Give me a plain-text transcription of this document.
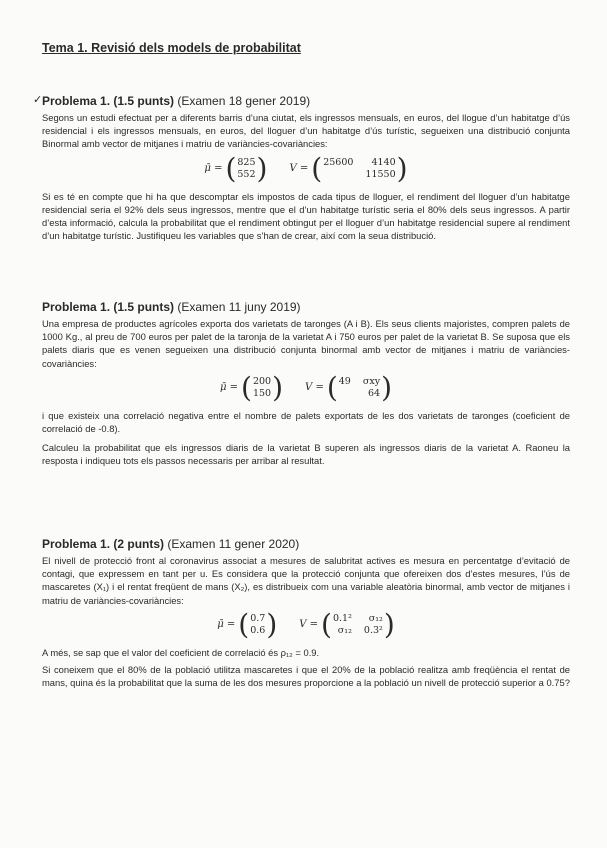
Tema 1. Revisió dels models de probabilitat
✓ Problema 1. (1.5 punts) (Examen 18 gener 2019)

Segons un estudi efectuat per a diferents barris d’una ciutat, els ingressos mensuals, en euros, del llogue d’un habitatge d’ús residencial i els ingressos mensuals, en euros, del lloguer d’un habitatge d’ús turístic, segueixen una distribució conjunta Binormal amb vector de mitjanes i matriu de variàncies-covariàncies:

μ̄ = ( 825
552 ) V = ( 25600	4140
11550 )

Si es té en compte que hi ha que descomptar els impostos de cada tipus de lloguer, el rendiment del lloguer d’un habitatge residencial seria el 92% dels seus ingressos, mentre que el d’un habitatge turístic seria el 80% dels seus ingressos. A partir d’esta informació, calcula la probabilitat que el rendiment obtingut per el lloguer d’un habitatge residencial supere al rendiment d’un habitatge turístic. Justifiqueu les variables que s’han de crear, així com la seua distribució.

Problema 1. (1.5 punts) (Examen 11 juny 2019)

Una empresa de productes agrícoles exporta dos varietats de taronges (A i B). Els seus clients majoristes, compren palets de 1000 Kg., al preu de 700 euros per palet de la taronja de la varietat A i 750 euros per palet de la varietat B. Se suposa que els palets diaris que es venen segueixen una distribució conjunta binormal amb vector de mitjanes i matriu de variàncies-covariàncies:

μ̄ = ( 200
150 ) V = ( 49 σxy
64 )

i que existeix una correlació negativa entre el nombre de palets exportats de les dos varietats de taronges (coeficient de correlació de -0.8).

Calculeu la probabilitat que els ingressos diaris de la varietat B superen als ingressos diaris de la varietat A. Raoneu la resposta i indiqueu tots els passos necessaris per arribar al resultat.

Problema 1. (2 punts) (Examen 11 gener 2020)

El nivell de protecció front al coronavirus associat a mesures de salubritat actives es mesura en percentatge d’evitació de contagi, que expressem en tant per u. Es considera que la protecció conjunta que ofereixen dos d’estes mesures, l’ús de mascaretes (X₁) i el rentat freqüent de mans (X₂), es distribueix com una variable aleatòria binormal, amb vector de mitjanes i matriu de variàncies-covariàncies:

μ̄ = ( 0.7
0.6 ) V = ( 0.1²	σ₁₂
σ₁₂ 0.3² )

A més, se sap que el valor del coeficient de correlació és ρ₁₂ = 0.9.

Si coneixem que el 80% de la població utilitza mascaretes i que el 20% de la població realitza amb freqüència el rentat de mans, quina és la probabilitat que la suma de les dos mesures proporcione a la població un nivell de protecció superior a 0.75?
